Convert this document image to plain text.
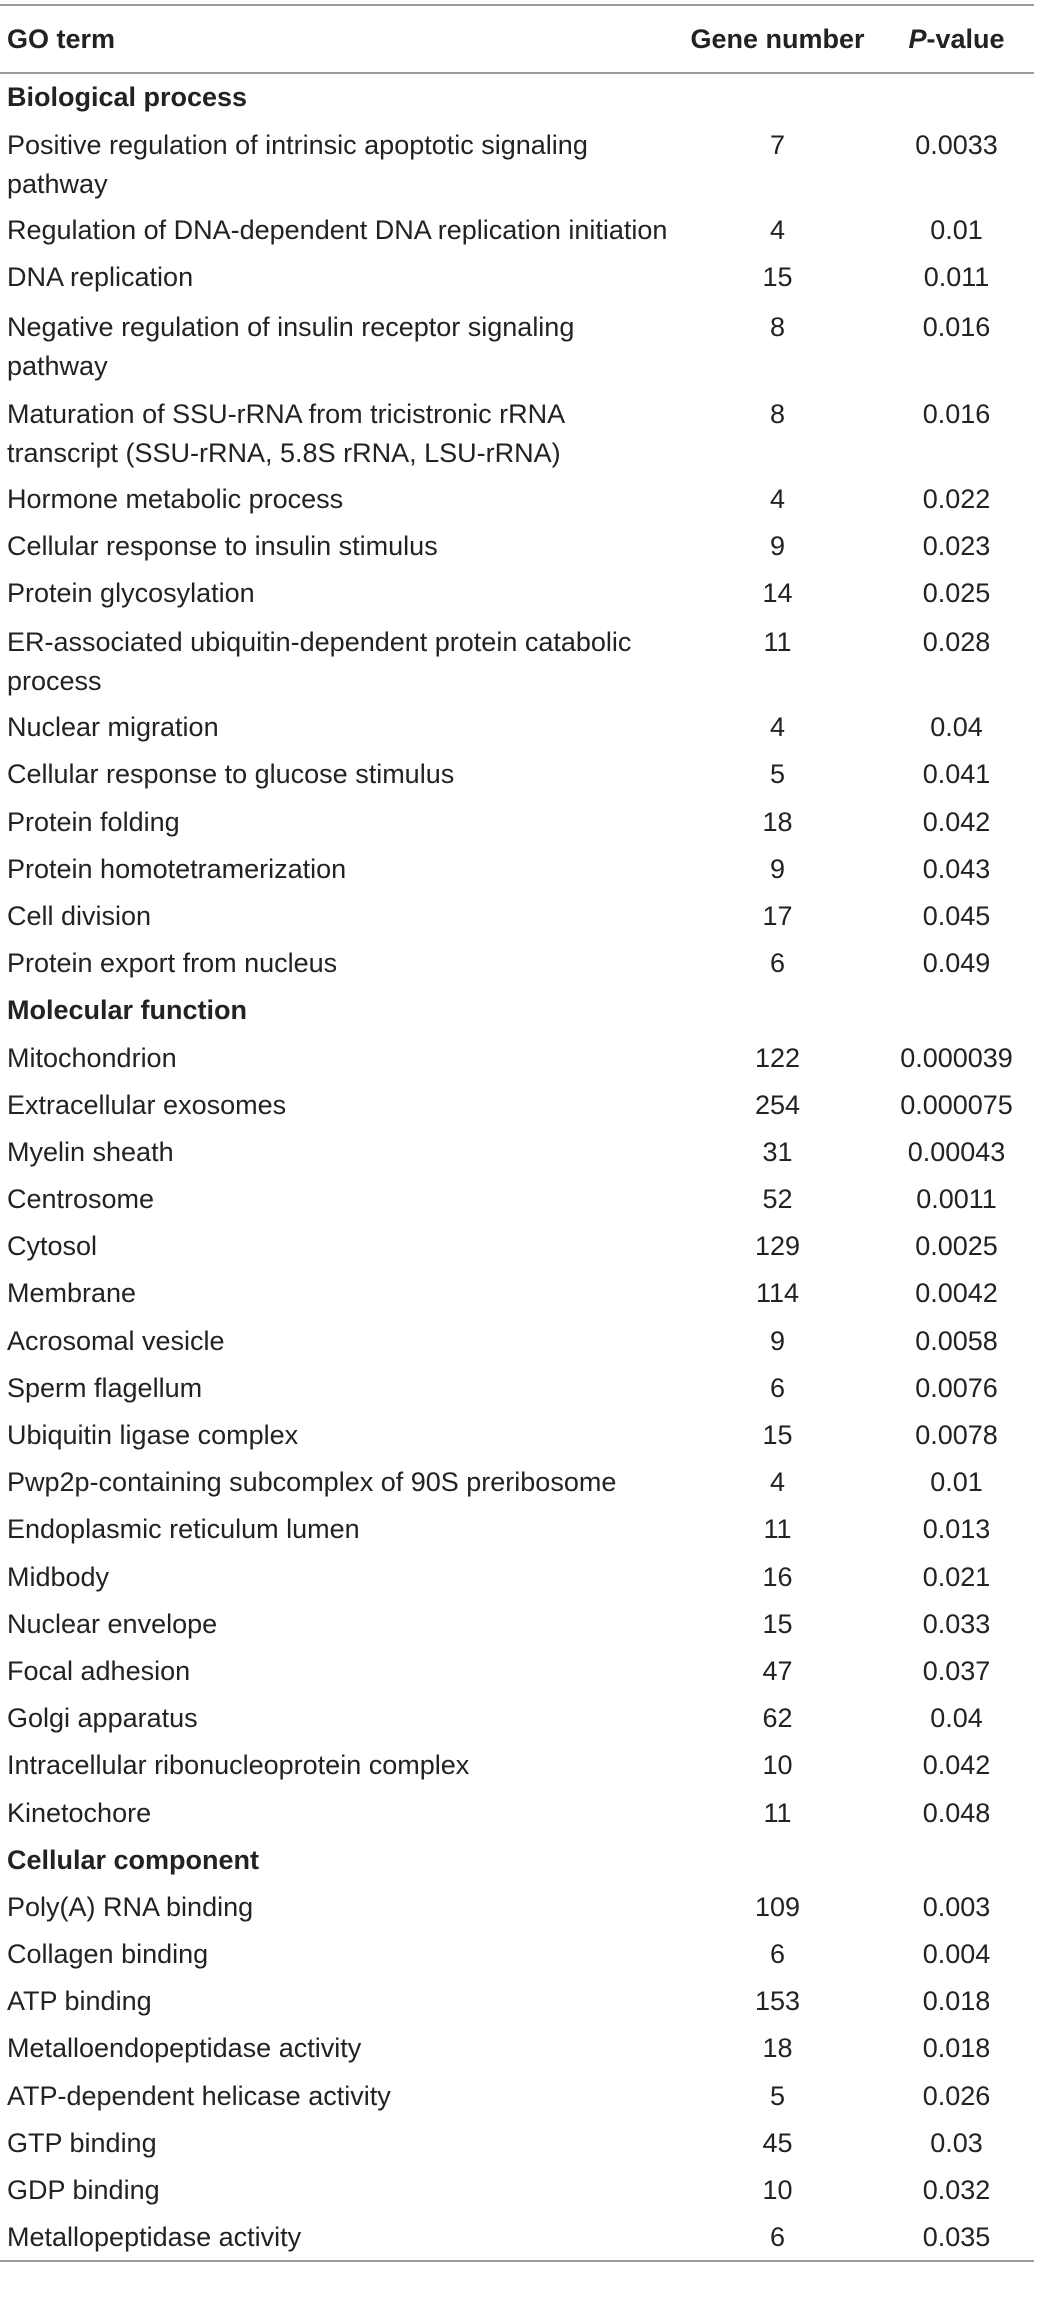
GO term	Gene number	P-value
Biological process		
Positive regulation of intrinsic apoptotic signaling pathway	7	0.0033
Regulation of DNA-dependent DNA replication initiation	4	0.01
DNA replication	15	0.011
Negative regulation of insulin receptor signaling pathway	8	0.016
Maturation of SSU-rRNA from tricistronic rRNA transcript (SSU-rRNA, 5.8S rRNA, LSU-rRNA)	8	0.016
Hormone metabolic process	4	0.022
Cellular response to insulin stimulus	9	0.023
Protein glycosylation	14	0.025
ER-associated ubiquitin-dependent protein catabolic process	11	0.028
Nuclear migration	4	0.04
Cellular response to glucose stimulus	5	0.041
Protein folding	18	0.042
Protein homotetramerization	9	0.043
Cell division	17	0.045
Protein export from nucleus	6	0.049
Molecular function		
Mitochondrion	122	0.000039
Extracellular exosomes	254	0.000075
Myelin sheath	31	0.00043
Centrosome	52	0.0011
Cytosol	129	0.0025
Membrane	114	0.0042
Acrosomal vesicle	9	0.0058
Sperm flagellum	6	0.0076
Ubiquitin ligase complex	15	0.0078
Pwp2p-containing subcomplex of 90S preribosome	4	0.01
Endoplasmic reticulum lumen	11	0.013
Midbody	16	0.021
Nuclear envelope	15	0.033
Focal adhesion	47	0.037
Golgi apparatus	62	0.04
Intracellular ribonucleoprotein complex	10	0.042
Kinetochore	11	0.048
Cellular component		
Poly(A) RNA binding	109	0.003
Collagen binding	6	0.004
ATP binding	153	0.018
Metalloendopeptidase activity	18	0.018
ATP-dependent helicase activity	5	0.026
GTP binding	45	0.03
GDP binding	10	0.032
Metallopeptidase activity	6	0.035
